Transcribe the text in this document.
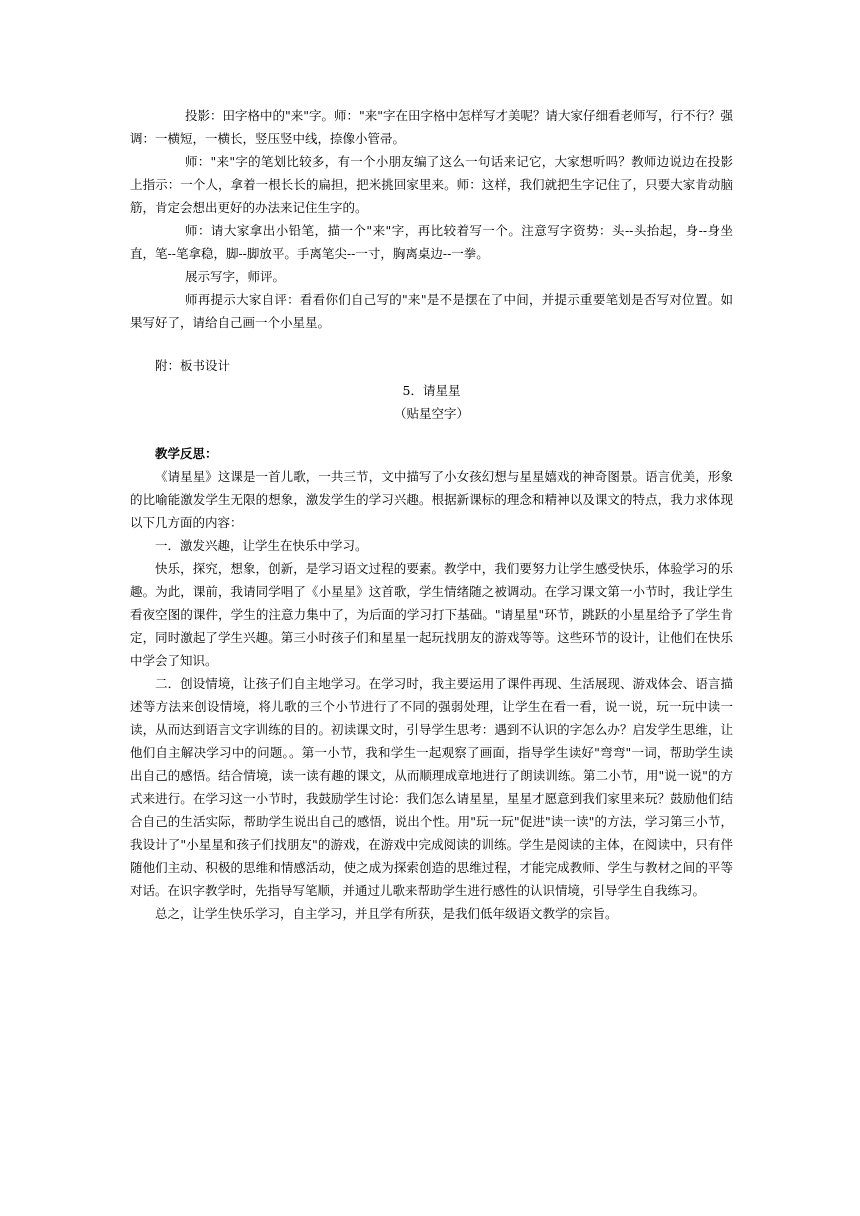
投影：田字格中的"来"字。师："来"字在田字格中怎样写才美呢？请大家仔细看老师写，行不行？强调：一横短，一横长，竖压竖中线，捺像小管帚。

师："来"字的笔划比较多，有一个小朋友编了这么一句话来记它，大家想听吗？教师边说边在投影上指示：一个人，拿着一根长长的扁担，把米挑回家里来。师：这样，我们就把生字记住了，只要大家肯动脑筋，肯定会想出更好的办法来记住生字的。

师：请大家拿出小铅笔，描一个"来"字，再比较着写一个。注意写字资势：头--头抬起，身--身坐直，笔--笔拿稳，脚--脚放平。手离笔尖--一寸，胸离桌边--一拳。

展示写字，师评。

师再提示大家自评：看看你们自己写的"来"是不是摆在了中间，并提示重要笔划是否写对位置。如果写好了，请给自己画一个小星星。

附：板书设计

5．请星星

（贴星空字）

教学反思：

《请星星》这课是一首儿歌，一共三节，文中描写了小女孩幻想与星星嬉戏的神奇图景。语言优美，形象的比喻能激发学生无限的想象，激发学生的学习兴趣。根据新课标的理念和精神以及课文的特点，我力求体现以下几方面的内容：

一．激发兴趣，让学生在快乐中学习。

快乐，探究，想象，创新，是学习语文过程的要素。教学中，我们要努力让学生感受快乐，体验学习的乐趣。为此，课前，我请同学唱了《小星星》这首歌，学生情绪随之被调动。在学习课文第一小节时，我让学生看夜空图的课件，学生的注意力集中了，为后面的学习打下基础。"请星星"环节，跳跃的小星星给予了学生肯定，同时激起了学生兴趣。第三小时孩子们和星星一起玩找朋友的游戏等等。这些环节的设计，让他们在快乐中学会了知识。

二．创设情境，让孩子们自主地学习。在学习时，我主要运用了课件再现、生活展现、游戏体会、语言描述等方法来创设情境，将儿歌的三个小节进行了不同的强弱处理，让学生在看一看，说一说，玩一玩中读一读，从而达到语言文字训练的目的。初读课文时，引导学生思考：遇到不认识的字怎么办？启发学生思维，让他们自主解决学习中的问题。。第一小节，我和学生一起观察了画面，指导学生读好"弯弯"一词，帮助学生读出自己的感悟。结合情境，读一读有趣的课文，从而顺理成章地进行了朗读训练。第二小节，用"说一说"的方式来进行。在学习这一小节时，我鼓励学生讨论：我们怎么请星星，星星才愿意到我们家里来玩？鼓励他们结合自己的生活实际，帮助学生说出自己的感悟，说出个性。用"玩一玩"促进"读一读"的方法，学习第三小节，我设计了"小星星和孩子们找朋友"的游戏，在游戏中完成阅读的训练。学生是阅读的主体，在阅读中，只有伴随他们主动、积极的思维和情感活动，使之成为探索创造的思维过程，才能完成教师、学生与教材之间的平等对话。在识字教学时，先指导写笔顺，并通过儿歌来帮助学生进行感性的认识情境，引导学生自我练习。

总之，让学生快乐学习，自主学习，并且学有所获，是我们低年级语文教学的宗旨。
